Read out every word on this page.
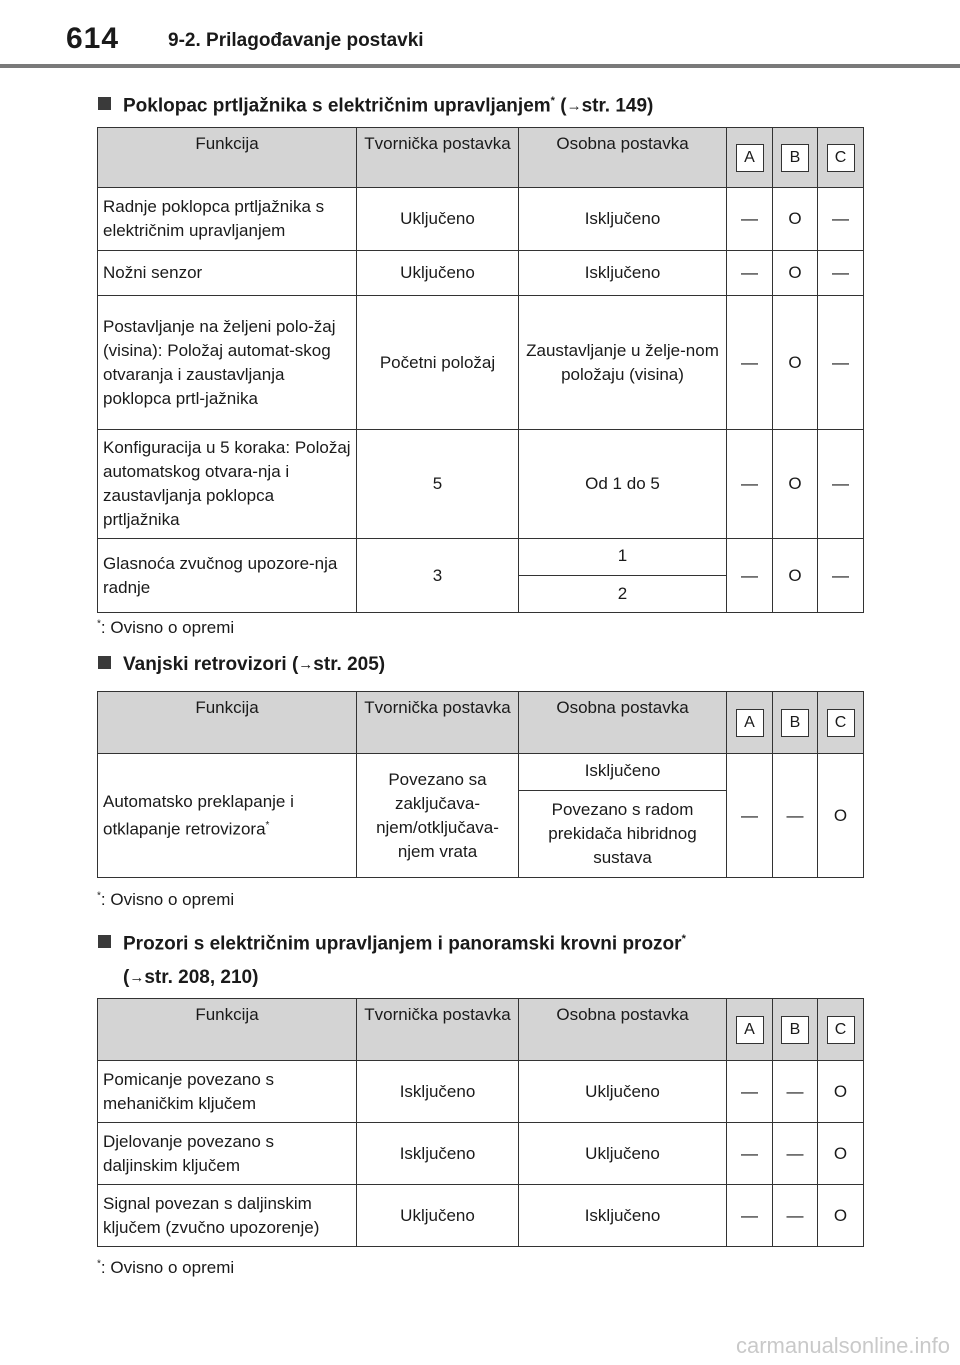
614	9-2. Prilagođavanje postavki
Poklopac prtljažnika s električnim upravljanjem* (→str. 149)
Funkcija	Tvornička postavka	Osobna postavka	A	B	C
Radnje poklopca prtljažnika s električnim upravljanjem	Uključeno	Isključeno	—	O	—
Nožni senzor	Uključeno	Isključeno	—	O	—
Postavljanje na željeni polo-žaj (visina): Položaj automat-skog otvaranja i zaustavljanja poklopca prtl-jažnika	Početni položaj	Zaustavljanje u želje-nom položaju (visina)	—	O	—
Konfiguracija u 5 koraka: Položaj automatskog otvara-nja i zaustavljanja poklopca prtljažnika	5	Od 1 do 5	—	O	—
Glasnoća zvučnog upozore-nja radnje	3	1	—	O	—
		2			
*: Ovisno o opremi
Vanjski retrovizori (→str. 205)
Funkcija	Tvornička postavka	Osobna postavka	A	B	C
Automatsko preklapanje i otklapanje retrovizora*	Povezano sa zaključava-njem/otključava-njem vrata	Isključeno	—	—	O
		Povezano s radom prekidača hibridnog sustava			
*: Ovisno o opremi
Prozori s električnim upravljanjem i panoramski krovni prozor*
(→str. 208, 210)
Funkcija	Tvornička postavka	Osobna postavka	A	B	C
Pomicanje povezano s mehaničkim ključem	Isključeno	Uključeno	—	—	O
Djelovanje povezano s daljinskim ključem	Isključeno	Uključeno	—	—	O
Signal povezan s daljinskim ključem (zvučno upozorenje)	Uključeno	Isključeno	—	—	O
*: Ovisno o opremi
carmanualsonline.info
